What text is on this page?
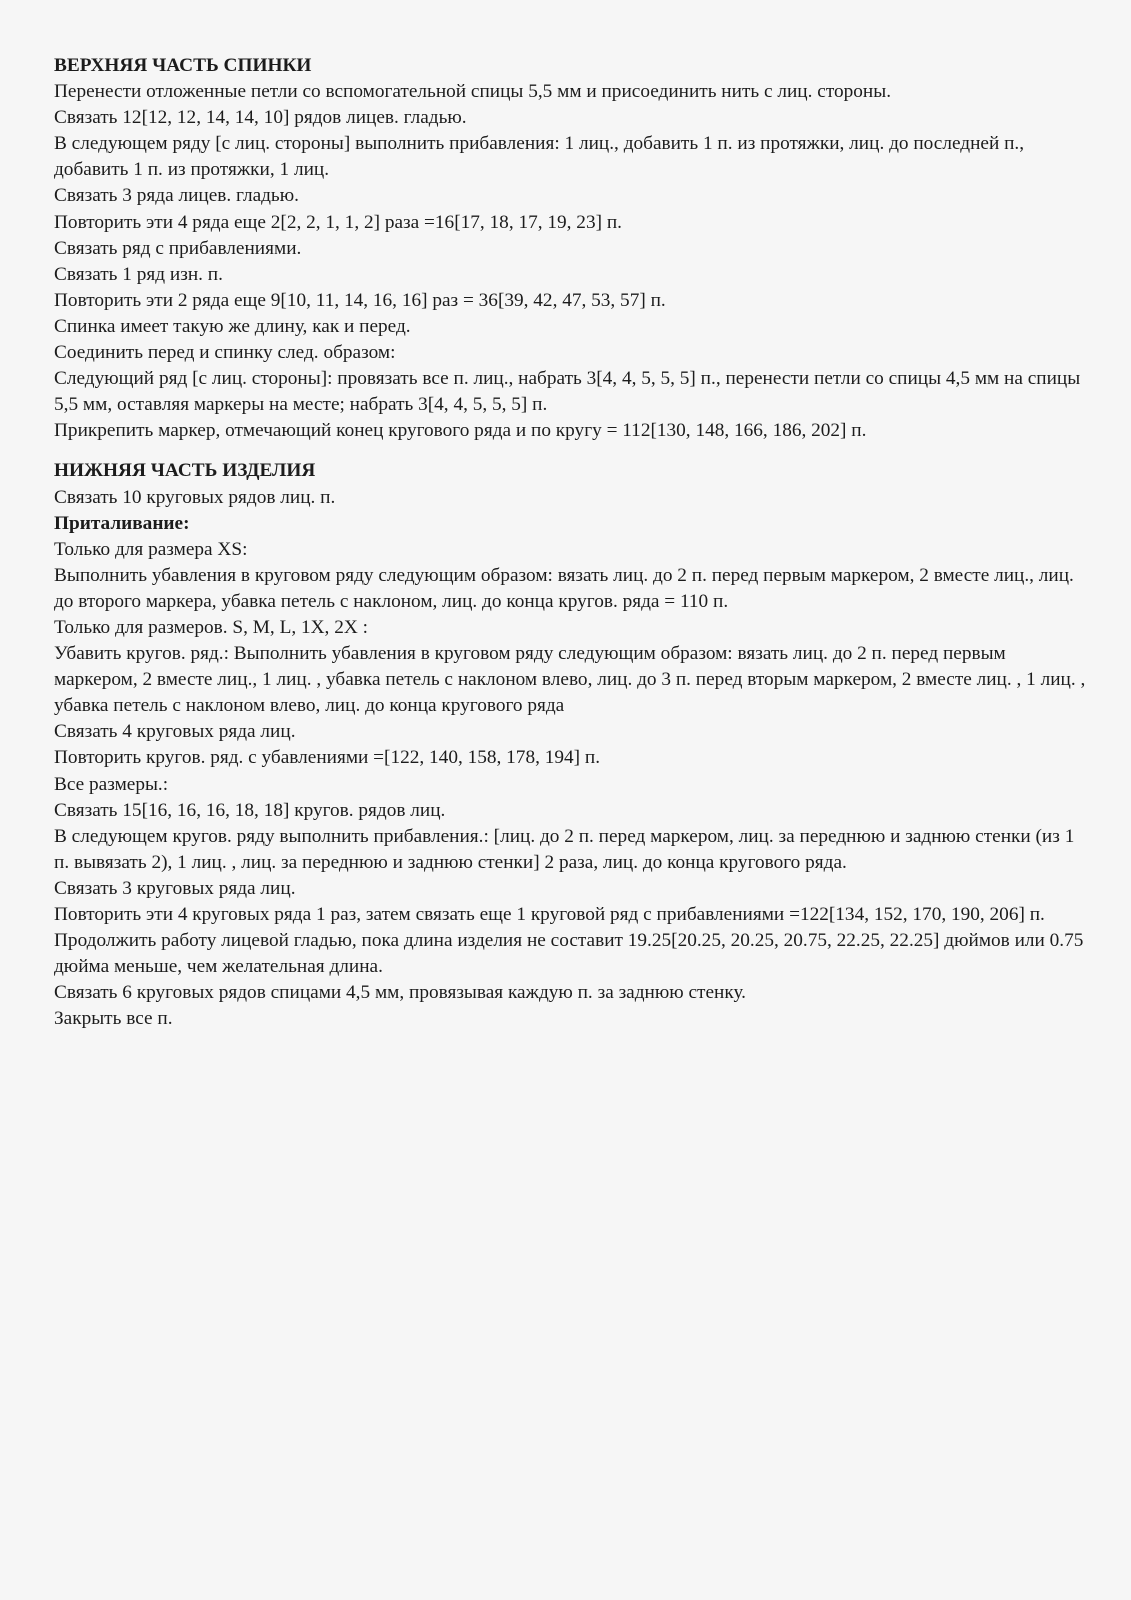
ВЕРХНЯЯ ЧАСТЬ СПИНКИ
Перенести отложенные петли со вспомогательной спицы 5,5 мм и присоединить нить с лиц. стороны.
Связать 12[12, 12, 14, 14, 10] рядов лицев. гладью.
В следующем ряду [с лиц. стороны] выполнить прибавления: 1 лиц., добавить 1 п. из протяжки, лиц. до последней п., добавить 1 п. из протяжки, 1 лиц.
Связать 3 ряда лицев. гладью.
Повторить эти 4 ряда еще 2[2, 2, 1, 1, 2] раза =16[17, 18, 17, 19, 23] п.
Связать ряд с прибавлениями.
Связать 1 ряд изн. п.
Повторить эти 2 ряда еще 9[10, 11, 14, 16, 16] раз = 36[39, 42, 47, 53, 57] п.
Спинка имеет такую же длину, как и перед.
Соединить перед и спинку след. образом:
Следующий ряд [с лиц. стороны]: провязать все п. лиц., набрать 3[4, 4, 5, 5, 5] п., перенести петли со спицы 4,5 мм на спицы 5,5 мм, оставляя маркеры на месте; набрать 3[4, 4, 5, 5, 5] п.
Прикрепить маркер, отмечающий конец кругового ряда и по кругу = 112[130, 148, 166, 186, 202] п.
НИЖНЯЯ ЧАСТЬ ИЗДЕЛИЯ
Связать 10 круговых рядов лиц. п.
Приталивание:
Только для размера XS:
Выполнить убавления в круговом ряду следующим образом: вязать лиц. до 2 п. перед первым маркером, 2 вместе лиц., лиц. до второго маркера, убавка петель с наклоном, лиц. до конца кругов. ряда = 110 п.
Только для размеров. S, M, L, 1X, 2X :
Убавить кругов. ряд.: Выполнить убавления в круговом ряду следующим образом: вязать лиц. до 2 п. перед первым маркером, 2 вместе лиц., 1 лиц. , убавка петель с наклоном влево, лиц. до 3 п. перед вторым маркером, 2 вместе лиц. , 1 лиц. , убавка петель с наклоном влево, лиц. до конца кругового ряда
Связать 4 круговых ряда лиц.
Повторить кругов. ряд. с убавлениями =[122, 140, 158, 178, 194] п.
Все размеры.:
Связать 15[16, 16, 16, 18, 18] кругов. рядов лиц.
В следующем кругов. ряду выполнить прибавления.: [лиц. до 2 п. перед маркером, лиц. за переднюю и заднюю стенки (из 1 п. вывязать 2), 1 лиц. , лиц. за переднюю и заднюю стенки] 2 раза, лиц. до конца кругового ряда.
Связать 3 круговых ряда лиц.
Повторить эти 4 круговых ряда 1 раз, затем связать еще 1 круговой ряд с прибавлениями =122[134, 152, 170, 190, 206] п.
Продолжить работу лицевой гладью, пока длина изделия не составит 19.25[20.25, 20.25, 20.75, 22.25, 22.25] дюймов или 0.75 дюйма меньше, чем желательная длина.
Связать 6 круговых рядов спицами 4,5 мм, провязывая каждую п. за заднюю стенку.
Закрыть все п.
